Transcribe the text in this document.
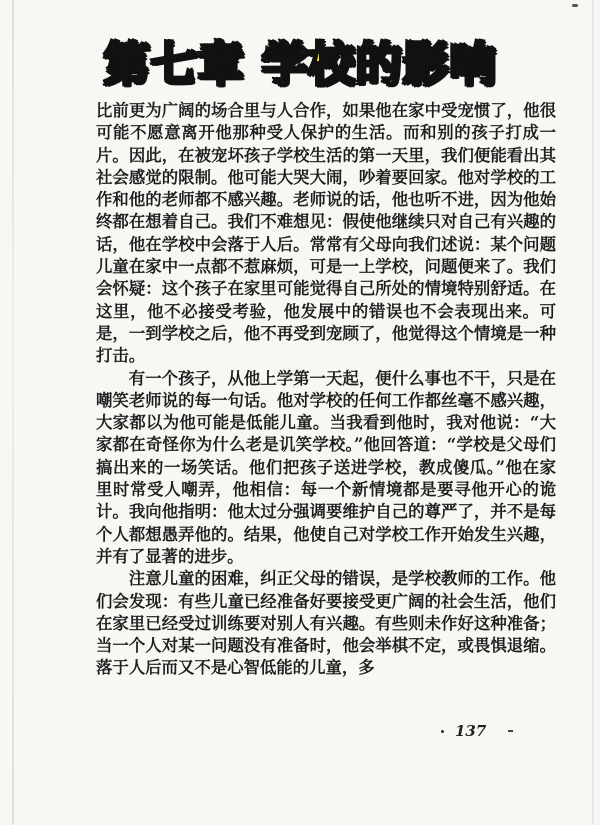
第七章 学校的影响

比前更为广阔的场合里与人合作，如果他在家中受宠惯了，他很可能不愿意离开他那种受人保护的生活。而和别的孩子打成一片。因此，在被宠坏孩子学校生活的第一天里，我们便能看出其社会感觉的限制。他可能大哭大闹，吵着要回家。他对学校的工作和他的老师都不感兴趣。老师说的话，他也听不进，因为他始终都在想着自己。我们不难想见：假使他继续只对自己有兴趣的话，他在学校中会落于人后。常常有父母向我们述说：某个问题儿童在家中一点都不惹麻烦，可是一上学校，问题便来了。我们会怀疑：这个孩子在家里可能觉得自己所处的情境特别舒适。在这里，他不必接受考验，他发展中的错误也不会表现出来。可是，一到学校之后，他不再受到宠顾了，他觉得这个情境是一种打击。

有一个孩子，从他上学第一天起，便什么事也不干，只是在嘲笑老师说的每一句话。他对学校的任何工作都丝毫不感兴趣，大家都以为他可能是低能儿童。当我看到他时，我对他说：“大家都在奇怪你为什么老是讥笑学校。”他回答道：“学校是父母们搞出来的一场笑话。他们把孩子送进学校，教成傻瓜。”他在家里时常受人嘲弄，他相信：每一个新情境都是要寻他开心的诡计。我向他指明：他太过分强调要维护自己的尊严了，并不是每个人都想愚弄他的。结果，他使自己对学校工作开始发生兴趣，并有了显著的进步。

注意儿童的困难，纠正父母的错误，是学校教师的工作。他们会发现：有些儿童已经准备好要接受更广阔的社会生活，他们在家里已经受过训练要对别人有兴趣。有些则未作好这种准备；当一个人对某一问题没有准备时，他会举棋不定，或畏惧退缩。落于人后而又不是心智低能的儿童，多

137
